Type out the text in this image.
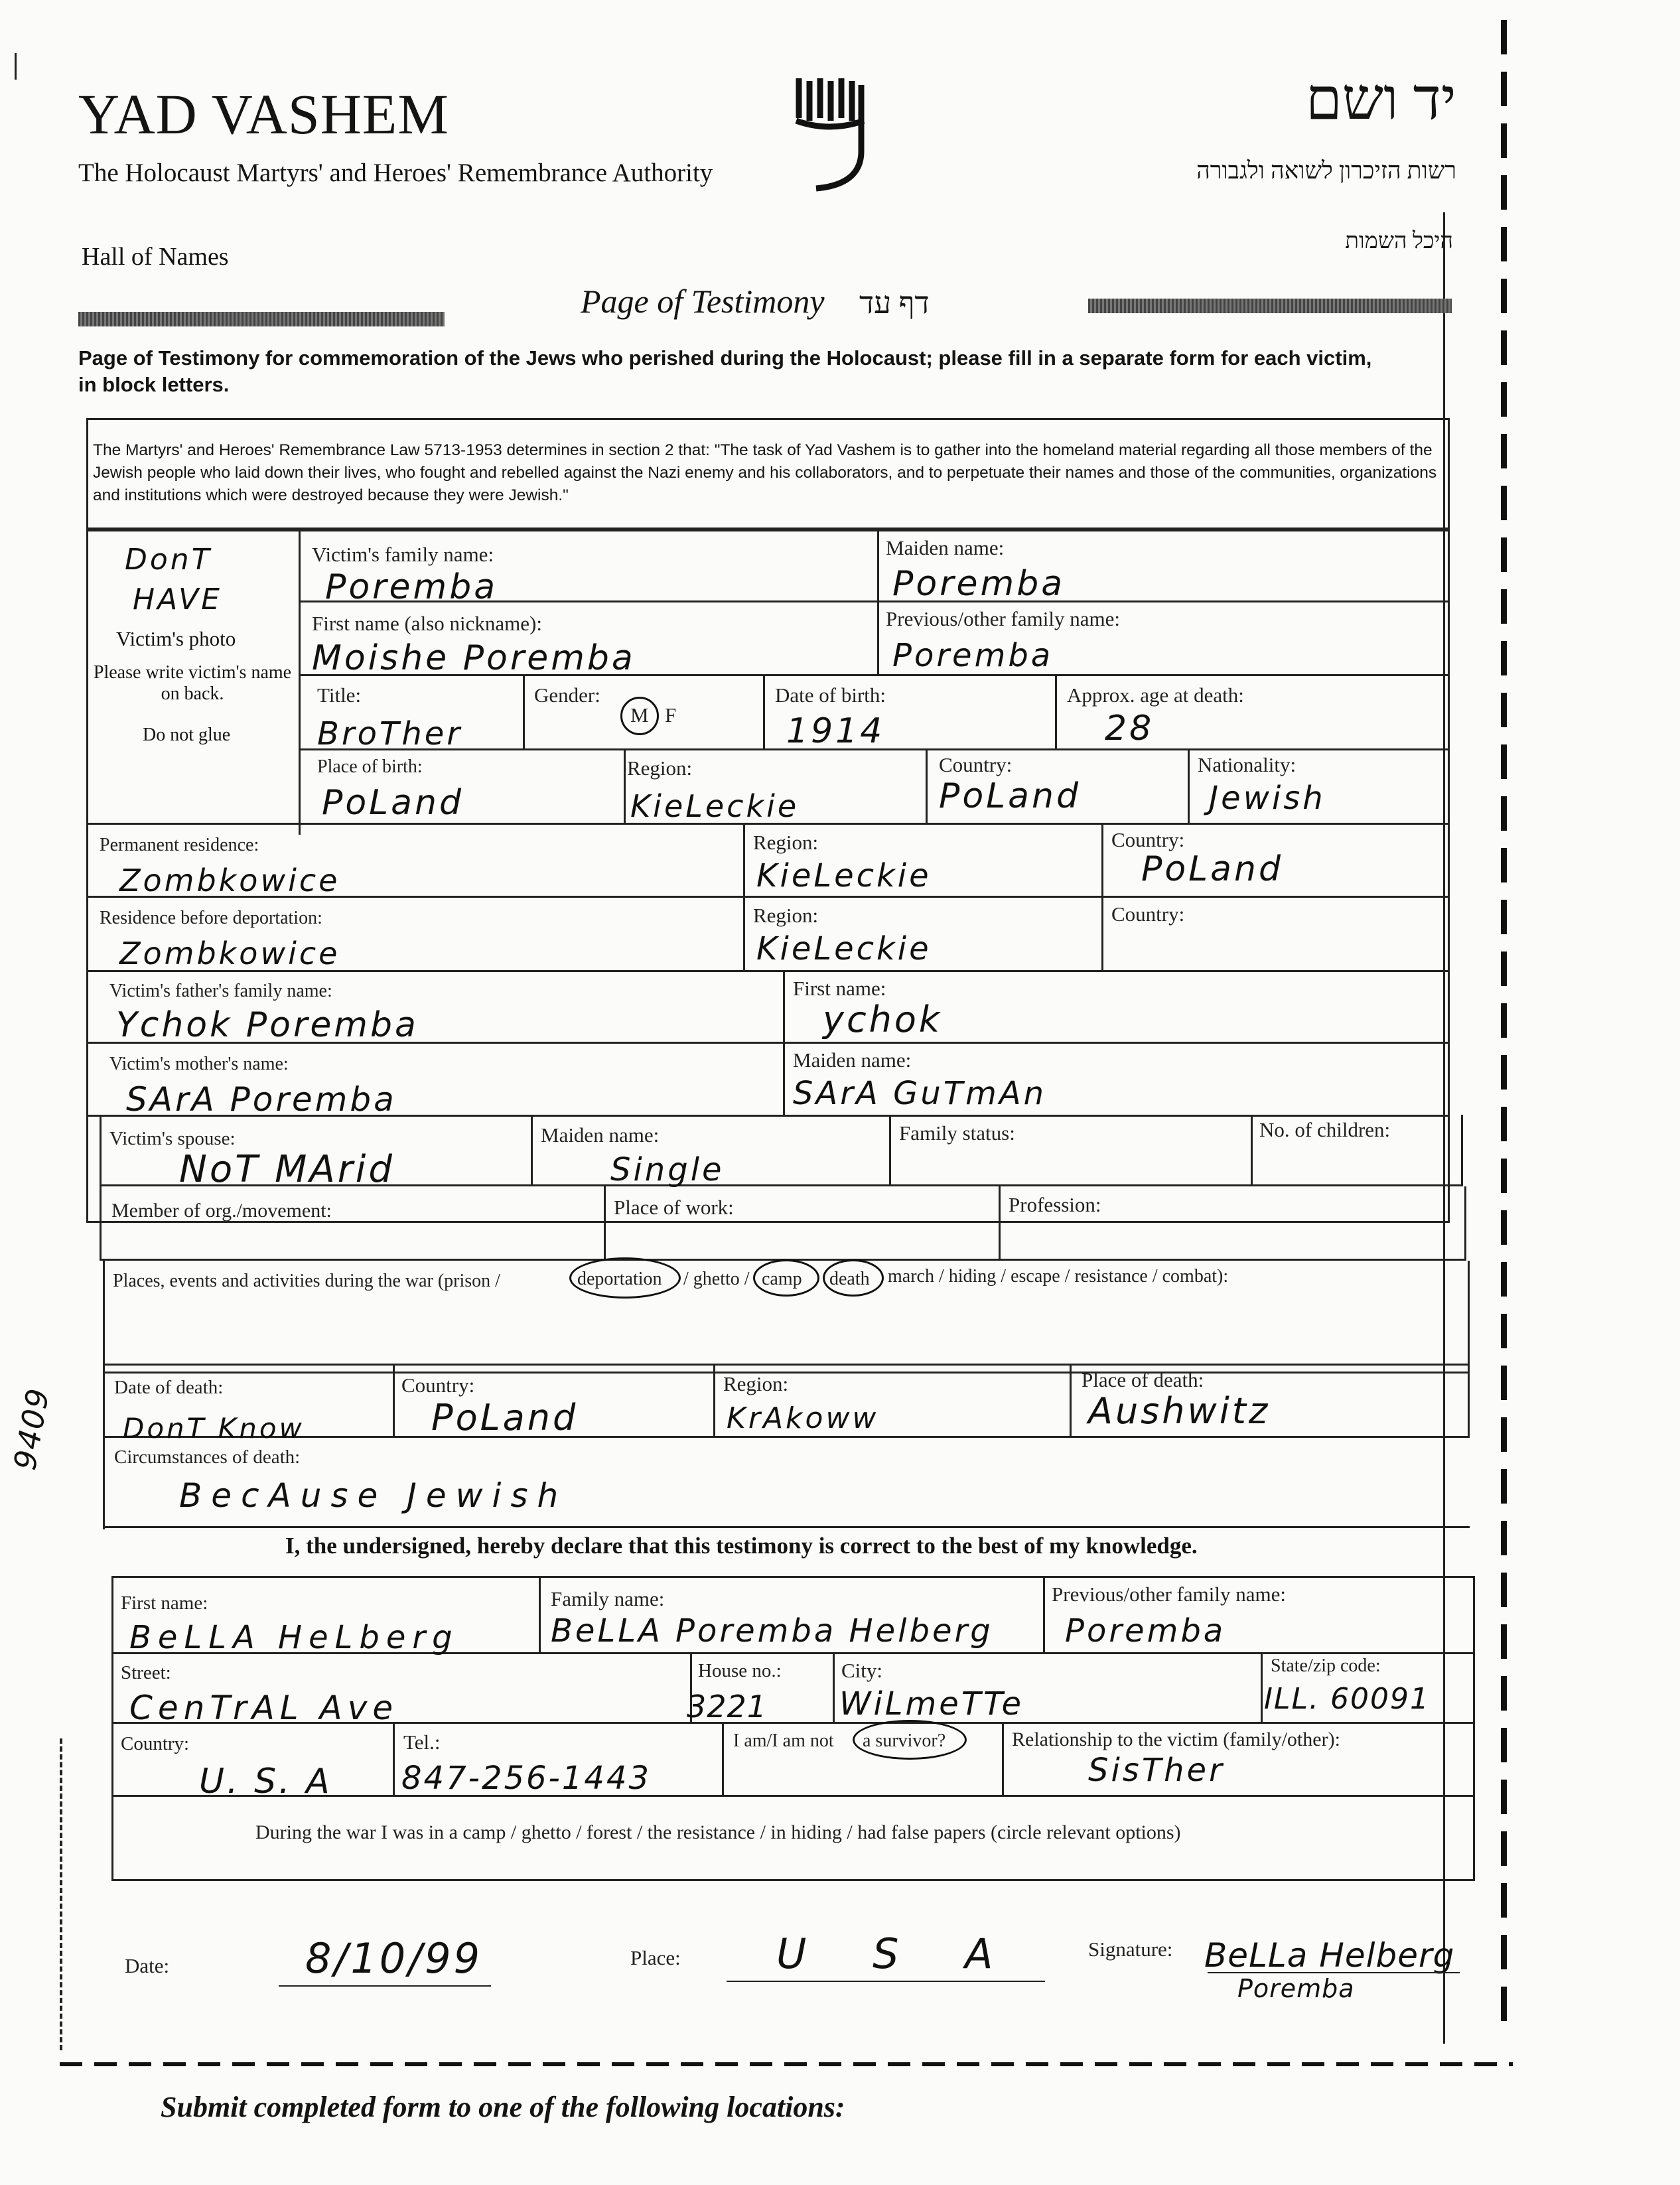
YAD VASHEM
The Holocaust Martyrs' and Heroes' Remembrance Authority
יד ושם
רשות הזיכרון לשואה ולגבורה
Hall of Names
היכל השמות
Page of Testimony דף עד
Page of Testimony for commemoration of the Jews who perished during the Holocaust; please fill in a separate form for each victim, in block letters.
The Martyrs' and Heroes' Remembrance Law 5713-1953 determines in section 2 that: "The task of Yad Vashem is to gather into the homeland material regarding all those members of the Jewish people who laid down their lives, who fought and rebelled against the Nazi enemy and his collaborators, and to perpetuate their names and those of the communities, organizations and institutions which were destroyed because they were Jewish."
DonT
HAVE
Victim's photo
Please write victim's name on back.
Do not glue
Victim's family name:
Poremba
Maiden name:
Poremba
First name (also nickname):
Moishe Poremba
Previous/other family name:
Poremba
Title:
BroTher
Gender:
M F
Date of birth:
1914
Approx. age at death:
28
Place of birth:
PoLand
Region:
KieLeckie
Country:
PoLand
Nationality:
Jewish
Permanent residence:
Zombkowice
Region:
KieLeckie
Country:
PoLand
Residence before deportation:
Zombkowice
Region:
KieLeckie
Country:
Victim's father's family name:
Ychok Poremba
First name:
ychok
Victim's mother's name:
SArA Poremba
Maiden name:
SArA GuTmAn
Victim's spouse:
NoT MArid
Maiden name:
Single
Family status:	No. of children:
Member of org./movement:	Place of work:	Profession:
Places, events and activities during the war (prison /	deportation / ghetto / camp death march / hiding / escape / resistance / combat):
Date of death:
DonT Know
Country:
PoLand
Region:
KrAkoww
Place of death:
Aushwitz
Circumstances of death:
BecAuse Jewish
9409
I, the undersigned, hereby declare that this testimony is correct to the best of my knowledge.
First name:
BeLLA HeLberg
Family name:
BeLLA Poremba Helberg
Previous/other family name:
Poremba
Street:
CenTrAL Ave
House no.:
3221
City:
WiLmeTTe
State/zip code:
ILL. 60091
Country:
U. S. A
Tel.:
847-256-1443
I am/I am not a survivor?	Relationship to the victim (family/other):
SisTher
During the war I was in a camp / ghetto / forest / the resistance / in hiding / had false papers (circle relevant options)
Date:	8/10/99	Place: U S A	Signature: BeLLa Helberg
Poremba
Submit completed form to one of the following locations:
